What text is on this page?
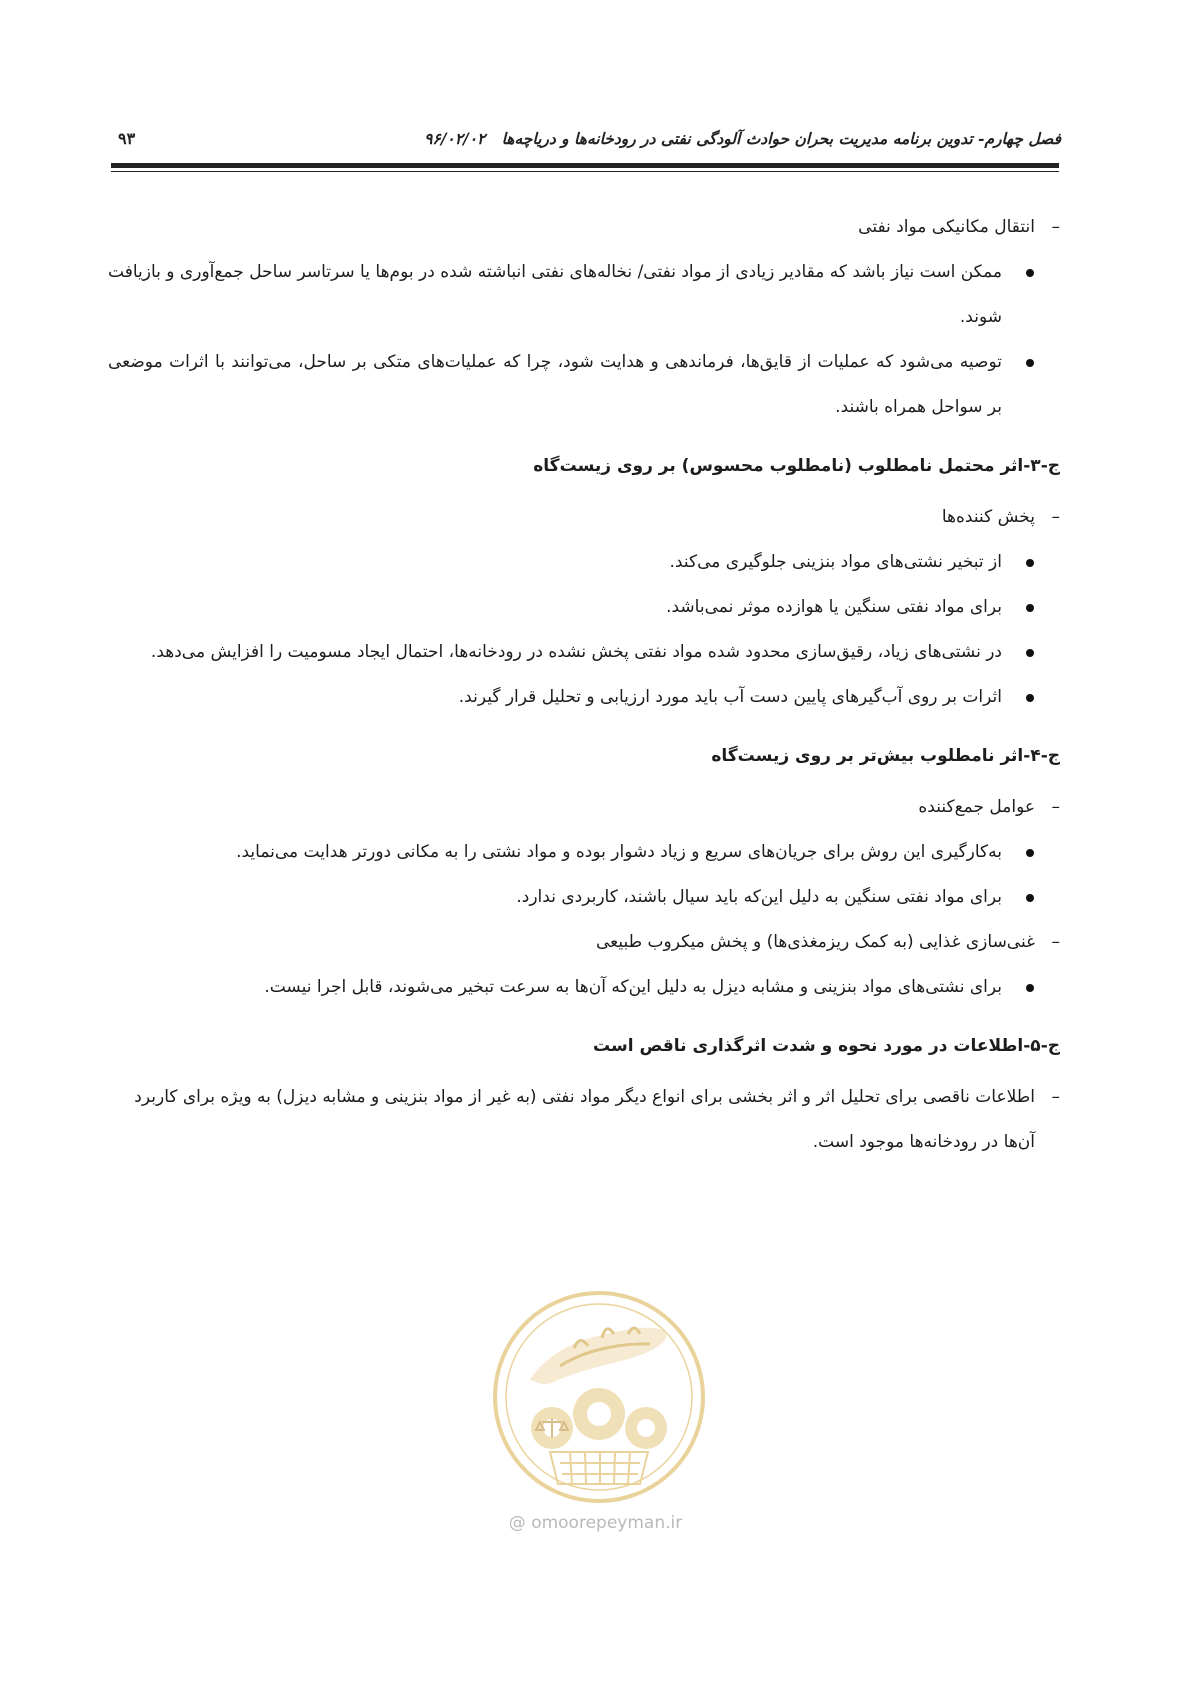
فصل چهارم- تدوین برنامه مدیریت بحران حوادث آلودگی نفتی در رودخانه‌ها و دریاچه‌ها   ۹۶/۰۲/۰۲
۹۳
– انتقال مکانیکی مواد نفتی
ممکن است نیاز باشد که مقادیر زیادی از مواد نفتی/ نخاله‌های نفتی انباشته شده در بوم‌ها یا سرتاسر ساحل جمع‌آوری و بازیافت شوند.
توصیه می‌شود که عملیات از قایق‌ها، فرماندهی و هدایت شود، چرا که عملیات‌های متکی بر ساحل، می‌توانند با اثرات موضعی بر سواحل همراه باشند.
ج-۳-اثر محتمل نامطلوب (نامطلوب محسوس) بر روی زیست‌گاه
– پخش کننده‌ها
از تبخیر نشتی‌های مواد بنزینی جلوگیری می‌کند.
برای مواد نفتی سنگین یا هوازده موثر نمی‌باشد.
در نشتی‌های زیاد، رقیق‌سازی محدود شده مواد نفتی پخش نشده در رودخانه‌ها، احتمال ایجاد مسومیت را افزایش می‌دهد.
اثرات بر روی آب‌گیرهای پایین دست آب باید مورد ارزیابی و تحلیل قرار گیرند.
ج-۴-اثر نامطلوب بیش‌تر بر روی زیست‌گاه
– عوامل جمع‌کننده
به‌کارگیری این روش برای جریان‌های سریع و زیاد دشوار بوده و مواد نشتی را به مکانی دورتر هدایت می‌نماید.
برای مواد نفتی سنگین به دلیل این‌که باید سیال باشند، کاربردی ندارد.
– غنی‌سازی غذایی (به کمک ریزمغذی‌ها) و پخش میکروب طبیعی
برای نشتی‌های مواد بنزینی و مشابه دیزل به دلیل این‌که آن‌ها به سرعت تبخیر می‌شوند، قابل اجرا نیست.
ج-۵-اطلاعات در مورد نحوه و شدت اثرگذاری ناقص است
– اطلاعات ناقصی برای تحلیل اثر و اثر بخشی برای انواع دیگر مواد نفتی (به غیر از مواد بنزینی و مشابه دیزل) به ویژه برای کاربرد آن‌ها در رودخانه‌ها موجود است.
@ omoorepeyman.ir
